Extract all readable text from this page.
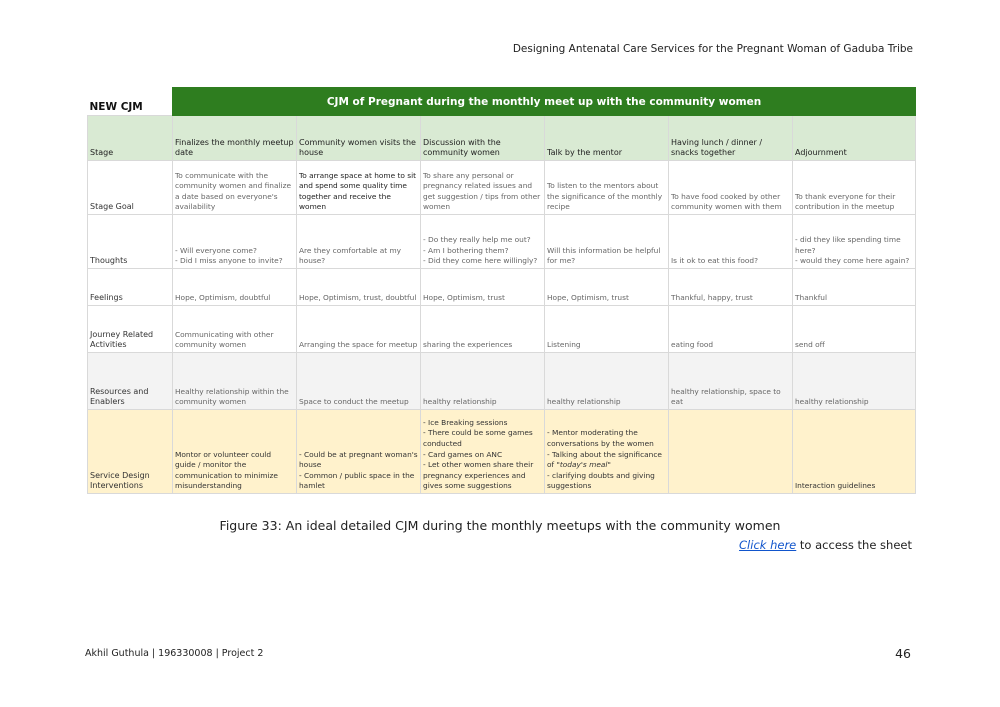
Designing Antenatal Care Services for the Pregnant Woman of Gaduba Tribe
NEW CJM	CJM of Pregnant during the monthly meet up with the community women					
Stage	Finalizes the monthly meetup date	Community women visits the house	Discussion with the community women	Talk by the mentor	Having lunch / dinner / snacks together	Adjournment
Stage Goal	To communicate with the community women and finalize a date based on everyone's availability	To arrange space at home to sit and spend some quality time together and receive the women	To share any personal or pregnancy related issues and get suggestion / tips from other women	To listen to the mentors about the significance of the monthly recipe	To have food cooked by other community women with them	To thank everyone for their contribution in the meetup
Thoughts	- Will everyone come?
- Did I miss anyone to invite?	Are they comfortable at my house?	- Do they really help me out?
- Am I bothering them?
- Did they come here willingly?	Will this information be helpful for me?	Is it ok to eat this food?	- did they like spending time here?
- would they come here again?

Feelings	Hope, Optimism, doubtful	Hope, Optimism, trust, doubtful	Hope, Optimism, trust	Hope, Optimism, trust	Thankful, happy, trust	Thankful
Journey Related Activities	Communicating with other community women	Arranging the space for meetup	sharing the experiences	Listening	eating food	send off
Resources and Enablers	Healthy relationship within the community women	Space to conduct the meetup	healthy relationship	healthy relationship	healthy relationship, space to eat	healthy relationship
Service Design Interventions	Montor or volunteer could guide / monitor the communication to minimize misunderstanding	- Could be at pregnant woman's house
- Common / public space in the hamlet	- Ice Breaking sessions
- There could be some games conducted
- Card games on ANC
- Let other women share their pregnancy experiences and gives some suggestions	- Mentor moderating the conversations by the women
- Talking about the significance of "today's meal"
- clarifying doubts and giving suggestions		Interaction guidelines
Figure 33: An ideal detailed CJM during the monthly meetups with the community women
Click here to access the sheet
Akhil Guthula | 196330008 | Project 2	46
